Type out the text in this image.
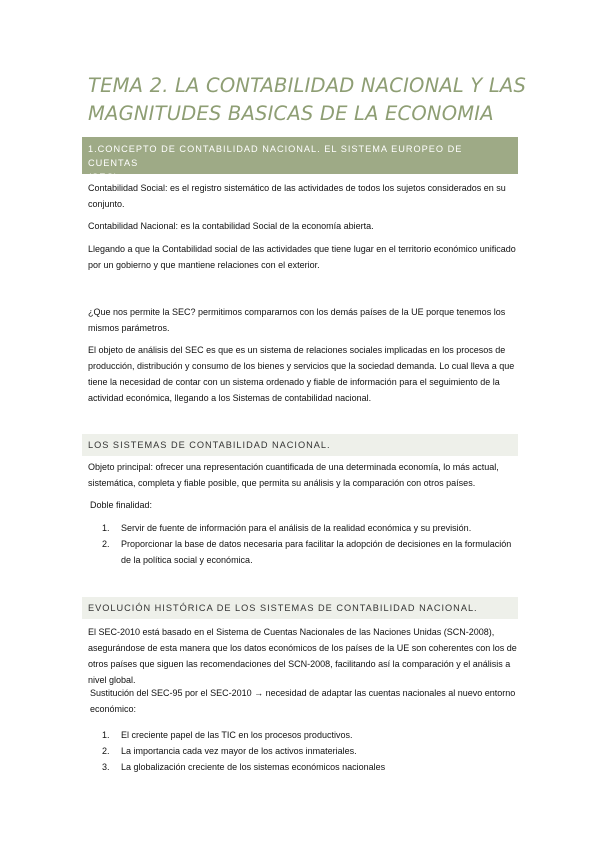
TEMA 2. LA CONTABILIDAD NACIONAL Y LAS
MAGNITUDES BASICAS DE LA ECONOMIA
1.CONCEPTO DE CONTABILIDAD NACIONAL. EL SISTEMA EUROPEO DE CUENTAS
(SEC)
Contabilidad Social: es el registro sistemático de las actividades de todos los sujetos considerados en su conjunto.
Contabilidad Nacional: es la contabilidad Social de la economía abierta.
Llegando a que la Contabilidad social de las actividades que tiene lugar en el territorio económico unificado por un gobierno y que mantiene relaciones con el exterior.
¿Que nos permite la SEC? permitimos compararnos con los demás países de la UE porque tenemos los mismos parámetros.
El objeto de análisis del SEC es que es un sistema de relaciones sociales implicadas en los procesos de producción, distribución y consumo de los bienes y servicios que la sociedad demanda. Lo cual lleva a que tiene la necesidad de contar con un sistema ordenado y fiable de información para el seguimiento de la actividad económica, llegando a los Sistemas de contabilidad nacional.
LOS SISTEMAS DE CONTABILIDAD NACIONAL.
Objeto principal: ofrecer una representación cuantificada de una determinada economía, lo más actual, sistemática, completa y fiable posible, que permita su análisis y la comparación con otros países.
Doble finalidad:
1. Servir de fuente de información para el análisis de la realidad económica y su previsión.
2. Proporcionar la base de datos necesaria para facilitar la adopción de decisiones en la formulación de la política social y económica.
EVOLUCIÓN HISTÓRICA DE LOS SISTEMAS DE CONTABILIDAD NACIONAL.
El SEC-2010 está basado en el Sistema de Cuentas Nacionales de las Naciones Unidas (SCN-2008), asegurándose de esta manera que los datos económicos de los países de la UE son coherentes con los de otros países que siguen las recomendaciones del SCN-2008, facilitando así la comparación y el análisis a nivel global.
Sustitución del SEC-95 por el SEC-2010 → necesidad de adaptar las cuentas nacionales al nuevo entorno económico:
1. El creciente papel de las TIC en los procesos productivos.
2. La importancia cada vez mayor de los activos inmateriales.
3. La globalización creciente de los sistemas económicos nacionales
